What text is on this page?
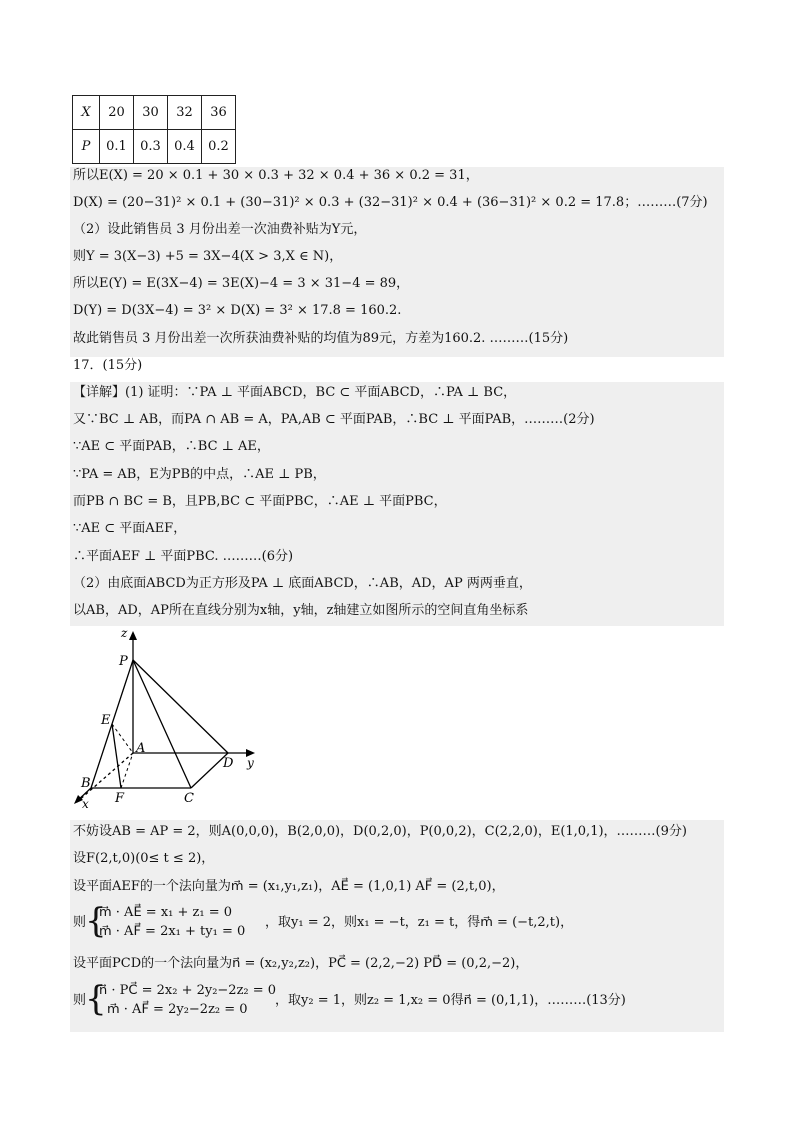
X	20	30	32	36
P	0.1	0.3	0.4	0.2
所以E(X) = 20 × 0.1 + 30 × 0.3 + 32 × 0.4 + 36 × 0.2 = 31，
D(X) = (20−31)² × 0.1 + (30−31)² × 0.3 + (32−31)² × 0.4 + (36−31)² × 0.2 = 17.8；………(7分)
（2）设此销售员 3 月份出差一次油费补贴为Y元，
则Y = 3(X−3) +5 = 3X−4(X > 3,X ∈ N)，
所以E(Y) = E(3X−4) = 3E(X)−4 = 3 × 31−4 = 89，
D(Y) = D(3X−4) = 3² × D(X) = 3² × 17.8 = 160.2.
故此销售员 3 月份出差一次所获油费补贴的均值为89元，方差为160.2. ………(15分)
17．(15分)
【详解】(1) 证明：∵PA ⊥ 平面ABCD，BC ⊂ 平面ABCD，∴PA ⊥ BC，
又∵BC ⊥ AB，而PA ∩ AB = A，PA,AB ⊂ 平面PAB，∴BC ⊥ 平面PAB，………(2分)
∵AE ⊂ 平面PAB，∴BC ⊥ AE，
∵PA = AB，E为PB的中点，∴AE ⊥ PB，
而PB ∩ BC = B，且PB,BC ⊂ 平面PBC，∴AE ⊥ 平面PBC，
∵AE ⊂ 平面AEF，
∴平面AEF ⊥ 平面PBC. ………(6分)
（2）由底面ABCD为正方形及PA ⊥ 底面ABCD，∴AB，AD，AP 两两垂直，
以AB，AD，AP所在直线分别为x轴，y轴，z轴建立如图所示的空间直角坐标系
z
P
E
A
B
F	C
D y
x
不妨设AB = AP = 2，则A(0,0,0)，B(2,0,0)，D(0,2,0)，P(0,0,2)，C(2,2,0)，E(1,0,1)，………(9分)
设F(2,t,0)(0≤ t ≤ 2)，
设平面AEF的一个法向量为m⃗ = (x₁,y₁,z₁)，AE⃗ = (1,0,1) AF⃗ = (2,t,0)，
则
{
m⃗ · AE⃗ = x₁ + z₁ = 0
m⃗ · AF⃗ = 2x₁ + ty₁ = 0
，取y₁ = 2，则x₁ = −t，z₁ = t，得m⃗ = (−t,2,t)，
设平面PCD的一个法向量为n⃗ = (x₂,y₂,z₂)，PC⃗ = (2,2,−2) PD⃗ = (0,2,−2)，
则
{
n⃗ · PC⃗ = 2x₂ + 2y₂−2z₂ = 0
m⃗ · AF⃗ = 2y₂−2z₂ = 0
，取y₂ = 1，则z₂ = 1,x₂ = 0得n⃗ = (0,1,1)，………(13分)
